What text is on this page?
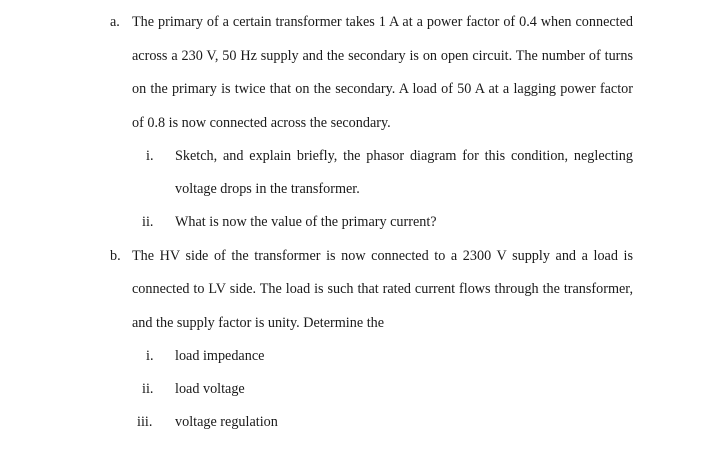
a. The primary of a certain transformer takes 1 A at a power factor of 0.4 when connected
across a 230 V, 50 Hz supply and the secondary is on open circuit. The number of turns
on the primary is twice that on the secondary. A load of 50 A at a lagging power factor
of 0.8 is now connected across the secondary.
i. Sketch, and explain briefly, the phasor diagram for this condition, neglecting
voltage drops in the transformer.
ii. What is now the value of the primary current?
b. The HV side of the transformer is now connected to a 2300 V supply and a load is
connected to LV side. The load is such that rated current flows through the transformer,
and the supply factor is unity. Determine the
i. load impedance
ii. load voltage
iii. voltage regulation
